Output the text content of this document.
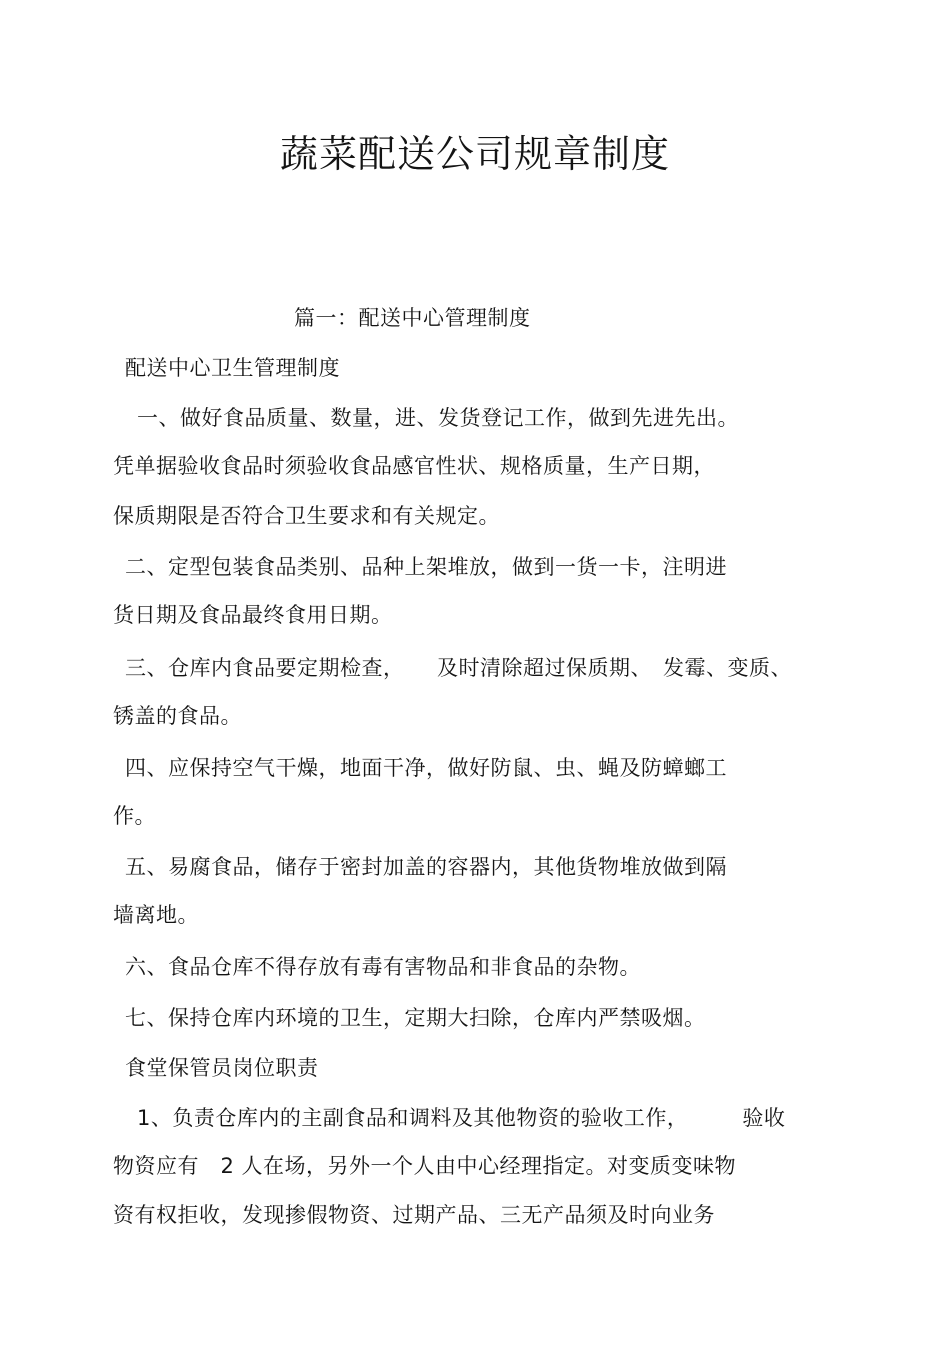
蔬菜配送公司规章制度
篇一：配送中心管理制度
配送中心卫生管理制度
一、做好食品质量、数量，进、发货登记工作，做到先进先出。
凭单据验收食品时须验收食品感官性状、规格质量，生产日期，
保质期限是否符合卫生要求和有关规定。
二、定型包装食品类别、品种上架堆放，做到一货一卡，注明进
货日期及食品最终食用日期。
三、仓库内食品要定期检查，　　及时清除超过保质期、　发霉、变质、
锈盖的食品。
四、应保持空气干燥，地面干净，做好防鼠、虫、蝇及防蟑螂工
作。
五、易腐食品，储存于密封加盖的容器内，其他货物堆放做到隔
墙离地。
六、食品仓库不得存放有毒有害物品和非食品的杂物。
七、保持仓库内环境的卫生，定期大扫除，仓库内严禁吸烟。
食堂保管员岗位职责
1、负责仓库内的主副食品和调料及其他物资的验收工作，　　　验收
物资应有　2 人在场，另外一个人由中心经理指定。对变质变味物
资有权拒收，发现掺假物资、过期产品、三无产品须及时向业务
